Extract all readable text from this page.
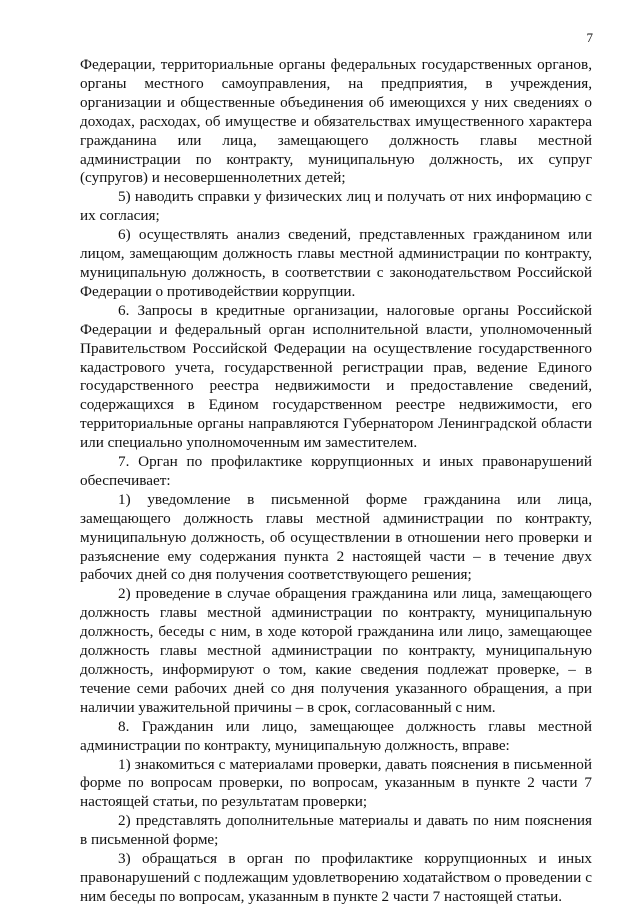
7

Федерации, территориальные органы федеральных государственных органов, органы местного самоуправления, на предприятия, в учреждения, организации и общественные объединения об имеющихся у них сведениях о доходах, расходах, об имуществе и обязательствах имущественного характера гражданина или лица, замещающего должность главы местной администрации по контракту, муниципальную должность, их супруг (супругов) и несовершеннолетних детей;

5) наводить справки у физических лиц и получать от них информацию с их согласия;

6) осуществлять анализ сведений, представленных гражданином или лицом, замещающим должность главы местной администрации по контракту, муниципальную должность, в соответствии с законодательством Российской Федерации о противодействии коррупции.

6. Запросы в кредитные организации, налоговые органы Российской Федерации и федеральный орган исполнительной власти, уполномоченный Правительством Российской Федерации на осуществление государственного кадастрового учета, государственной регистрации прав, ведение Единого государственного реестра недвижимости и предоставление сведений, содержащихся в Едином государственном реестре недвижимости, его территориальные органы направляются Губернатором Ленинградской области или специально уполномоченным им заместителем.

7. Орган по профилактике коррупционных и иных правонарушений обеспечивает:

1) уведомление в письменной форме гражданина или лица, замещающего должность главы местной администрации по контракту, муниципальную должность, об осуществлении в отношении него проверки и разъяснение ему содержания пункта 2 настоящей части – в течение двух рабочих дней со дня получения соответствующего решения;

2) проведение в случае обращения гражданина или лица, замещающего должность главы местной администрации по контракту, муниципальную должность, беседы с ним, в ходе которой гражданина или лицо, замещающее должность главы местной администрации по контракту, муниципальную должность, информируют о том, какие сведения подлежат проверке, – в течение семи рабочих дней со дня получения указанного обращения, а при наличии уважительной причины – в срок, согласованный с ним.

8. Гражданин или лицо, замещающее должность главы местной администрации по контракту, муниципальную должность, вправе:

1) знакомиться с материалами проверки, давать пояснения в письменной форме по вопросам проверки, по вопросам, указанным в пункте 2 части 7 настоящей статьи, по результатам проверки;

2) представлять дополнительные материалы и давать по ним пояснения в письменной форме;

3) обращаться в орган по профилактике коррупционных и иных правонарушений с подлежащим удовлетворению ходатайством о проведении с ним беседы по вопросам, указанным в пункте 2 части 7 настоящей статьи.
